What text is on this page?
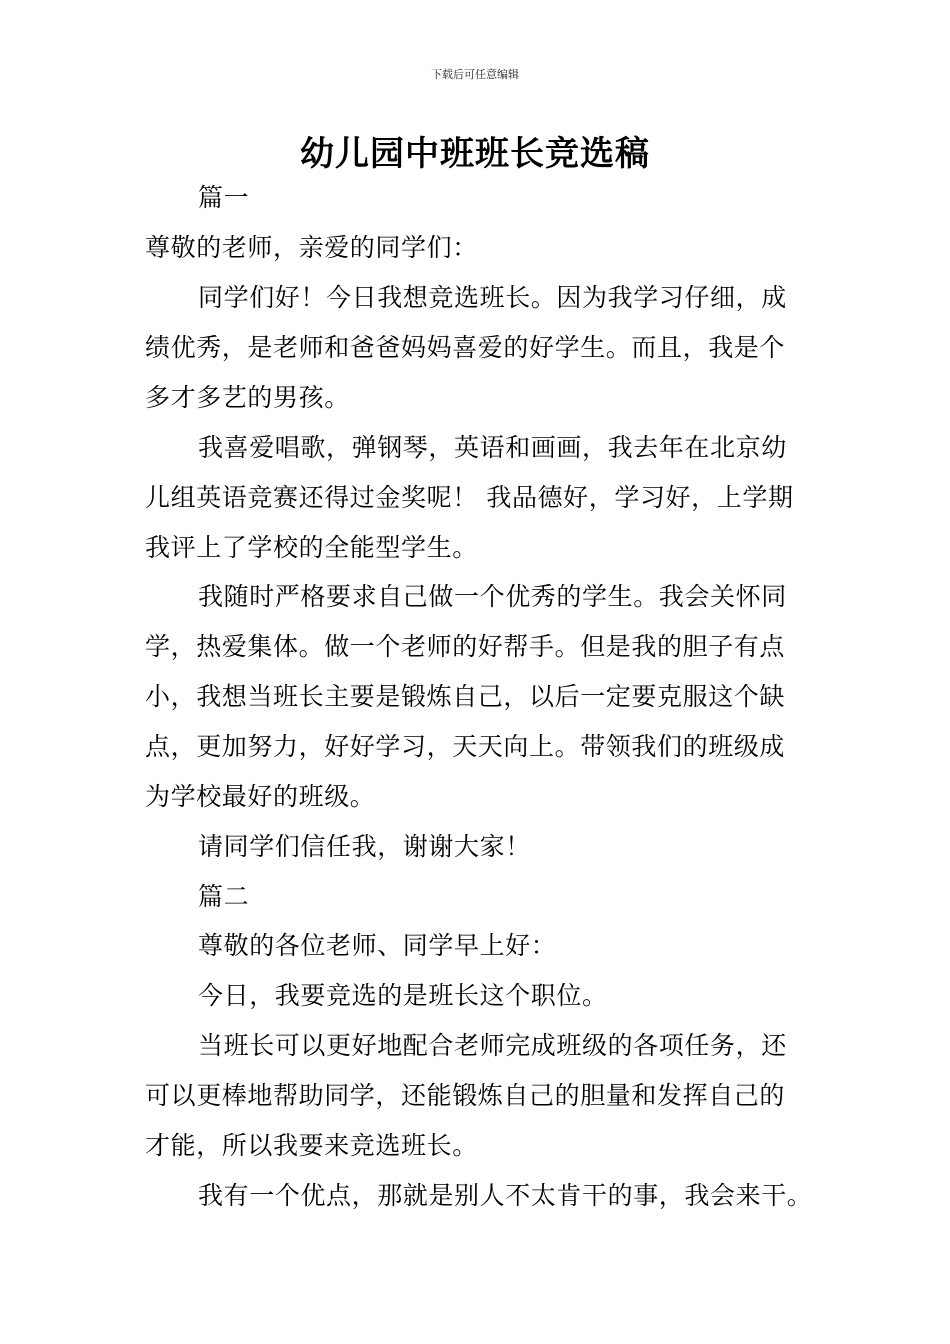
下载后可任意编辑
幼儿园中班班长竞选稿
篇一
尊敬的老师，亲爱的同学们：
同学们好！今日我想竞选班长。因为我学习仔细，成
绩优秀，是老师和爸爸妈妈喜爱的好学生。而且，我是个
多才多艺的男孩。
我喜爱唱歌，弹钢琴，英语和画画，我去年在北京幼
儿组英语竞赛还得过金奖呢！ 我品德好，学习好，上学期
我评上了学校的全能型学生。
我随时严格要求自己做一个优秀的学生。我会关怀同
学，热爱集体。做一个老师的好帮手。但是我的胆子有点
小，我想当班长主要是锻炼自己，以后一定要克服这个缺
点，更加努力，好好学习，天天向上。带领我们的班级成
为学校最好的班级。
请同学们信任我，谢谢大家！
篇二
尊敬的各位老师、同学早上好：
今日，我要竞选的是班长这个职位。
当班长可以更好地配合老师完成班级的各项任务，还
可以更棒地帮助同学，还能锻炼自己的胆量和发挥自己的
才能，所以我要来竞选班长。
我有一个优点，那就是别人不太肯干的事，我会来干。
